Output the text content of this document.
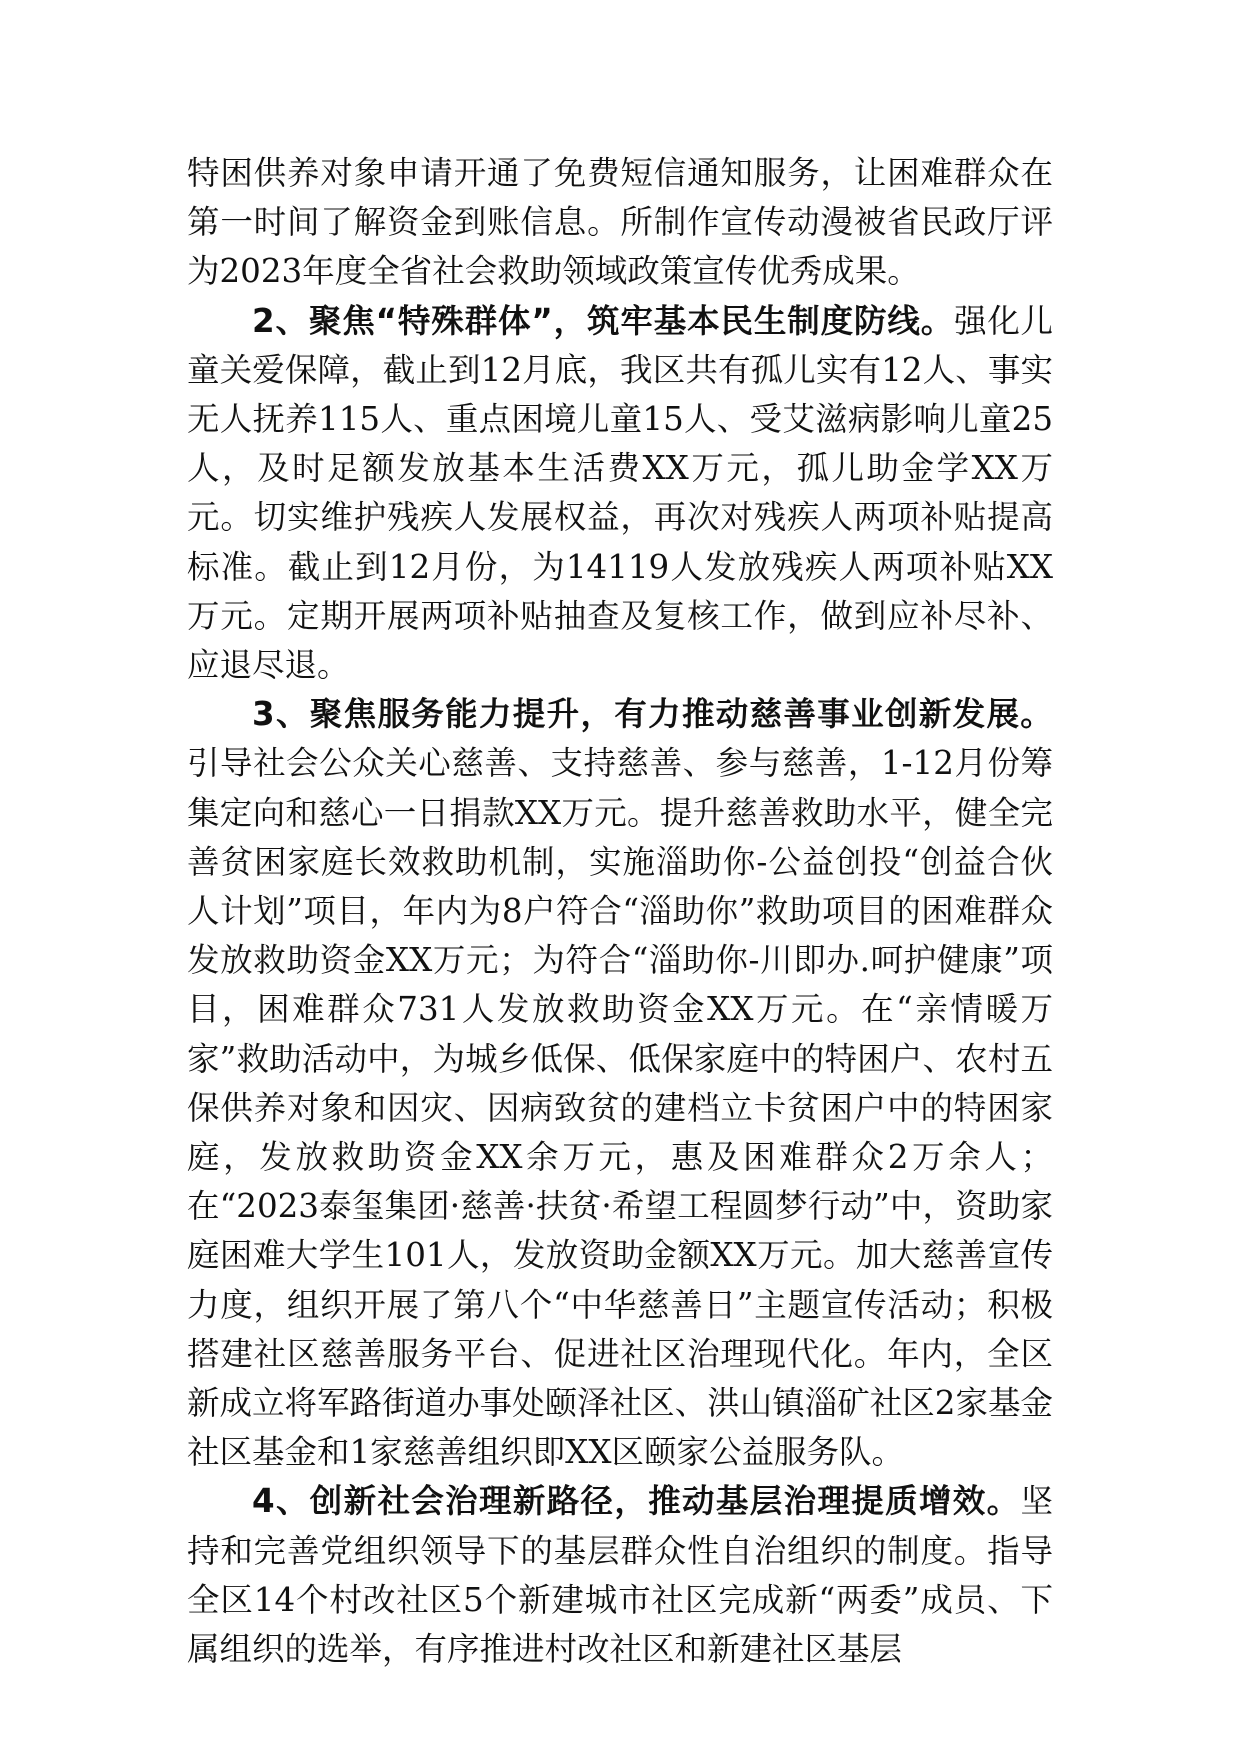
特困供养对象申请开通了免费短信通知服务，让困难群众在第一时间了解资金到账信息。所制作宣传动漫被省民政厅评为2023年度全省社会救助领域政策宣传优秀成果。

2、聚焦“特殊群体”，筑牢基本民生制度防线。强化儿童关爱保障，截止到12月底，我区共有孤儿实有12人、事实无人抚养115人、重点困境儿童15人、受艾滋病影响儿童25人，及时足额发放基本生活费XX万元，孤儿助金学XX万元。切实维护残疾人发展权益，再次对残疾人两项补贴提高标准。截止到12月份，为14119人发放残疾人两项补贴XX万元。定期开展两项补贴抽查及复核工作，做到应补尽补、应退尽退。

3、聚焦服务能力提升，有力推动慈善事业创新发展。引导社会公众关心慈善、支持慈善、参与慈善，1-12月份筹集定向和慈心一日捐款XX万元。提升慈善救助水平，健全完善贫困家庭长效救助机制，实施淄助你-公益创投“创益合伙人计划”项目，年内为8户符合“淄助你”救助项目的困难群众发放救助资金XX万元；为符合“淄助你-川即办.呵护健康”项目，困难群众731人发放救助资金XX万元。在“亲情暖万家”救助活动中，为城乡低保、低保家庭中的特困户、农村五保供养对象和因灾、因病致贫的建档立卡贫困户中的特困家庭，发放救助资金XX余万元，惠及困难群众2万余人；在“2023泰玺集团·慈善·扶贫·希望工程圆梦行动”中，资助家庭困难大学生101人，发放资助金额XX万元。加大慈善宣传力度，组织开展了第八个“中华慈善日”主题宣传活动；积极搭建社区慈善服务平台、促进社区治理现代化。年内，全区新成立将军路街道办事处颐泽社区、洪山镇淄矿社区2家基金社区基金和1家慈善组织即XX区颐家公益服务队。

4、创新社会治理新路径，推动基层治理提质增效。坚持和完善党组织领导下的基层群众性自治组织的制度。指导全区14个村改社区5个新建城市社区完成新“两委”成员、下属组织的选举，有序推进村改社区和新建社区基层
